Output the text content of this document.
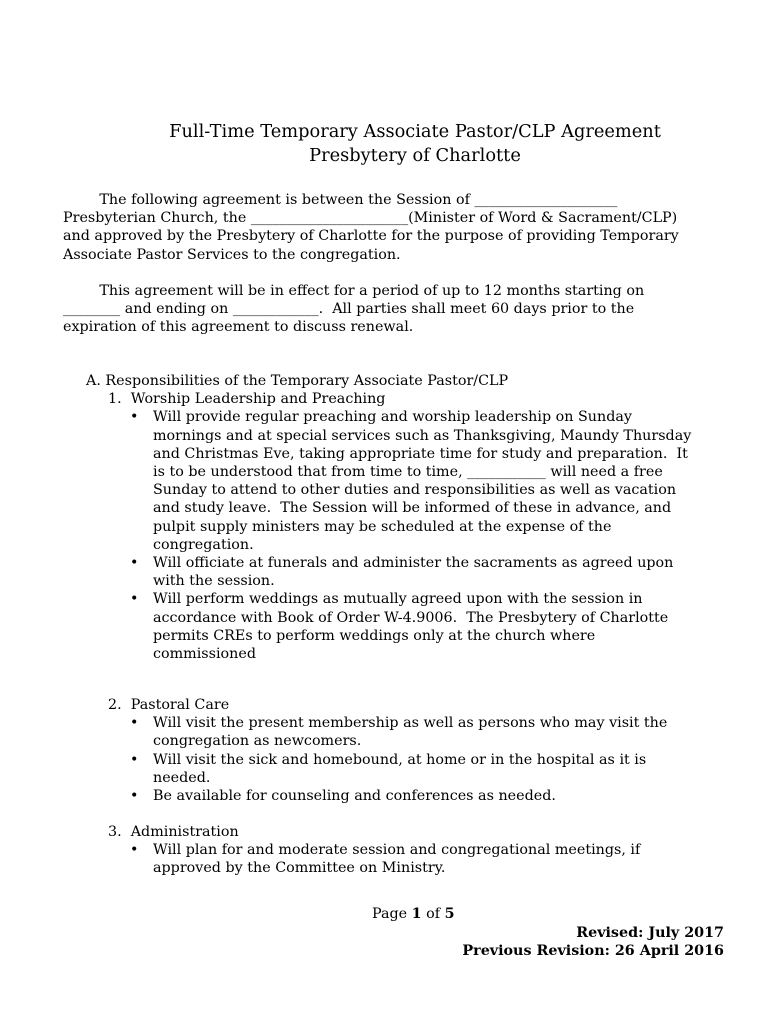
Full-Time Temporary Associate Pastor/CLP Agreement
Presbytery of Charlotte
The following agreement is between the Session of ____________________
Presbyterian Church, the ______________________(Minister of Word & Sacrament/CLP)
and approved by the Presbytery of Charlotte for the purpose of providing Temporary
Associate Pastor Services to the congregation.
This agreement will be in effect for a period of up to 12 months starting on
________ and ending on ____________.  All parties shall meet 60 days prior to the
expiration of this agreement to discuss renewal.
A. Responsibilities of the Temporary Associate Pastor/CLP
1.  Worship Leadership and Preaching
• Will provide regular preaching and worship leadership on Sunday
mornings and at special services such as Thanksgiving, Maundy Thursday
and Christmas Eve, taking appropriate time for study and preparation.  It
is to be understood that from time to time, ___________ will need a free
Sunday to attend to other duties and responsibilities as well as vacation
and study leave.  The Session will be informed of these in advance, and
pulpit supply ministers may be scheduled at the expense of the
congregation.
• Will officiate at funerals and administer the sacraments as agreed upon
with the session.
• Will perform weddings as mutually agreed upon with the session in
accordance with Book of Order W-4.9006.  The Presbytery of Charlotte
permits CREs to perform weddings only at the church where
commissioned
2.  Pastoral Care
• Will visit the present membership as well as persons who may visit the
congregation as newcomers.
• Will visit the sick and homebound, at home or in the hospital as it is
needed.
• Be available for counseling and conferences as needed.
3.  Administration
• Will plan for and moderate session and congregational meetings, if
approved by the Committee on Ministry.
Page 1 of 5
Revised: July 2017
Previous Revision: 26 April 2016
